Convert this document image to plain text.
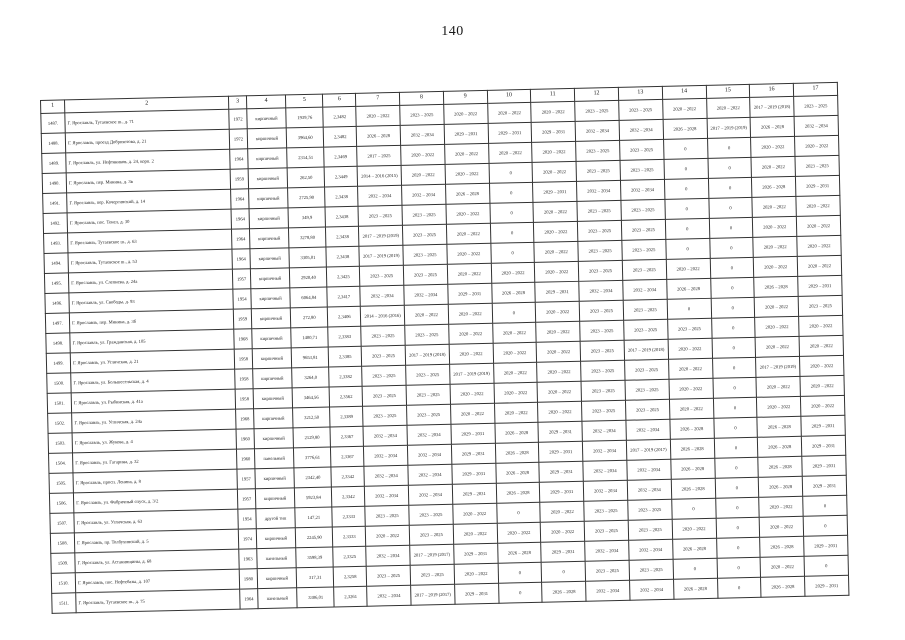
140
1	2	3	4	5	6	7	8	9	10	11	12	13	14	15	16	17
1487.	Г. Ярославль, Тутаевское ш., д. 71	1972	кирпичный	1939,76	2,3482	2020 – 2022	2023 – 2025	2020 – 2022	2020 – 2022	2020 – 2022	2023 – 2025	2023 – 2025	2020 – 2022	2020 – 2022	2017 – 2019 (2018)	2023 – 2025
1488.	Г. Ярославль, проезд Доброхотова, д. 21	1972	кирпичный	3964,60	2,3482	2026 – 2028	2032 – 2034	2029 – 2031	2029 – 2031	2029 – 2031	2032 – 2034	2032 – 2034	2026 – 2028	2017 – 2019 (2019)	2026 – 2028	2032 – 2034
1489.	Г. Ярославль, ул. Нефтяников, д. 24, корп. 2	1964	кирпичный	2314,51	2,3469	2017 – 2025	2020 – 2022	2020 – 2022	2020 – 2022	2020 – 2022	2023 – 2025	2023 – 2025	0	0	2020 – 2022	2020 – 2022
1490.	Г. Ярославль, пер. Минина, д. 3в	1959	кирпичный	262,50	2,3449	2014 – 2016 (2015)	2020 – 2022	2020 – 2022	0	2020 – 2022	2023 – 2025	2023 – 2025	0	0	2020 – 2022	2023 – 2025
1491.	Г. Ярославль, пер. Кочергинский, д. 14	1964	кирпичный	2725,90	2,3438	2032 – 2034	2032 – 2034	2026 – 2028	0	2029 – 2031	2032 – 2034	2032 – 2034	0	0	2026 – 2028	2029 – 2031
1492.	Г. Ярославль, пос. Тенел, д. 30	1964	кирпичный	349,9	2,3438	2023 – 2025	2023 – 2025	2020 – 2022	0	2020 – 2022	2023 – 2025	2023 – 2025	0	0	2020 – 2022	2020 – 2022
1493.	Г. Ярославль, Тутаевское ш., д. 63	1964	кирпичный	3278,80	2,3438	2017 – 2019 (2019)	2023 – 2025	2020 – 2022	0	2020 – 2022	2023 – 2025	2023 – 2025	0	0	2020 – 2022	2020 – 2022
1494.	Г. Ярославль, Тутаевское ш., д. 53	1964	кирпичный	3305,01	2,3438	2017 – 2019 (2019)	2023 – 2025	2020 – 2022	0	2020 – 2022	2023 – 2025	2023 – 2025	0	0	2020 – 2022	2020 – 2022
1495.	Г. Ярославль, ул. Слепнева, д. 24а	1957	кирпичный	2920,40	2,3425	2023 – 2025	2023 – 2025	2020 – 2022	2020 – 2022	2020 – 2022	2023 – 2025	2023 – 2025	2020 – 2022	0	2020 – 2022	2020 – 2022
1496.	Г. Ярославль, ул. Свободы, д. 93	1954	кирпичный	6064,84	2,3417	2032 – 2034	2032 – 2034	2029 – 2031	2026 – 2028	2029 – 2031	2032 – 2034	2032 – 2034	2026 – 2028	0	2026 – 2028	2029 – 2031
1497.	Г. Ярославль, пер. Минина, д. 3б	1959	кирпичный	272,80	2,3406	2014 – 2016 (2016)	2020 – 2022	2020 – 2022	0	2020 – 2022	2023 – 2025	2023 – 2025	0	0	2020 – 2022	2023 – 2025
1498.	Г. Ярославль, ул. Гражданская, д. 105	1968	кирпичный	1400,71	2,3383	2023 – 2025	2023 – 2025	2020 – 2022	2020 – 2022	2020 – 2022	2023 – 2025	2023 – 2025	2023 – 2025	0	2020 – 2022	2020 – 2022
1499.	Г. Ярославль, ул. Угличская, д. 21	1958	кирпичный	9653,81	2,3385	2023 – 2025	2017 – 2019 (2018)	2020 – 2022	2020 – 2022	2020 – 2022	2023 – 2025	2017 – 2019 (2018)	2020 – 2022	0	2020 – 2022	2020 – 2022
1500.	Г. Ярославль, ул. Большесельская, д. 4	1958	кирпичный	3264,0	2,3382	2023 – 2025	2023 – 2025	2017 – 2019 (2019)	2020 – 2022	2020 – 2022	2023 – 2025	2023 – 2025	2020 – 2022	0	2017 – 2019 (2019)	2020 – 2022
1501.	Г. Ярославль, ул. Рыбинская, д. 41а	1958	кирпичный	3464,56	2,3562	2023 – 2025	2023 – 2025	2020 – 2022	2020 – 2022	2020 – 2022	2023 – 2025	2023 – 2025	2020 – 2022	0	2020 – 2022	2020 – 2022
1502.	Г. Ярославль, ул. Угличская, д. 24а	1968	кирпичный	3212,50	2,3389	2023 – 2025	2023 – 2025	2020 – 2022	2020 – 2022	2020 – 2022	2023 – 2025	2023 – 2025	2020 – 2022	0	2020 – 2022	2020 – 2022
1503.	Г. Ярославль, ул. Жукова, д. 4	1960	кирпичный	2129,80	2,3367	2032 – 2034	2032 – 2034	2029 – 2031	2026 – 2028	2029 – 2031	2032 – 2034	2032 – 2034	2026 – 2028	0	2026 – 2028	2029 – 2031
1504.	Г. Ярославль, ул. Гагарина, д. 32	1960	панельный	3776,61	2,3367	2032 – 2034	2032 – 2034	2029 – 2031	2026 – 2028	2029 – 2031	2032 – 2034	2017 – 2019 (2017)	2026 – 2028	0	2026 – 2028	2029 – 2031
1505.	Г. Ярославль, просп. Ленина, д. 8	1957	кирпичный	2342,40	2,3342	2032 – 2034	2032 – 2034	2029 – 2031	2026 – 2028	2029 – 2031	2032 – 2034	2032 – 2034	2026 – 2028	0	2026 – 2028	2029 – 2031
1506.	Г. Ярославль, ул. Фабричный спуск, д. 3/2	1957	кирпичный	5923,84	2,3342	2032 – 2034	2032 – 2034	2029 – 2031	2026 – 2028	2029 – 2031	2032 – 2034	2032 – 2034	2026 – 2028	0	2026 – 2028	2029 – 2031
1507.	Г. Ярославль, ул. Угличская, д. 63	1954	другой тип	147,21	2,3333	2023 – 2025	2023 – 2025	2020 – 2022	0	2020 – 2022	2023 – 2025	2023 – 2025	0	0	2020 – 2022	0
1508.	Г. Ярославль, пр. Толбухинский, д. 5	1974	кирпичный	2245,90	2,3333	2020 – 2022	2023 – 2025	2020 – 2022	2020 – 2022	2020 – 2022	2023 – 2025	2023 – 2025	2020 – 2022	0	2020 – 2022	0
1509.	Г. Ярославль, ул. Астанинщины, д. 68	1963	панельный	3598,39	2,3325	2032 – 2034	2017 – 2019 (2017)	2029 – 2031	2026 – 2028	2029 – 2031	2032 – 2034	2032 – 2034	2026 – 2028	0	2026 – 2028	2029 – 2031
1510.	Г. Ярославль, пос. Нефтебазы, д. 107	1980	кирпичный	317,31	2,3258	2023 – 2025	2023 – 2025	2020 – 2022	0	0	2023 – 2025	2023 – 2025	0	0	2020 – 2022	0
1511.	Г. Ярославль, Тутаевское ш., д. 75	1964	панельный	3306,01	2,3261	2032 – 2034	2017 – 2019 (2017)	2029 – 2031	0	2026 – 2028	2032 – 2034	2032 – 2034	2026 – 2028	0	2026 – 2028	2029 – 2031
